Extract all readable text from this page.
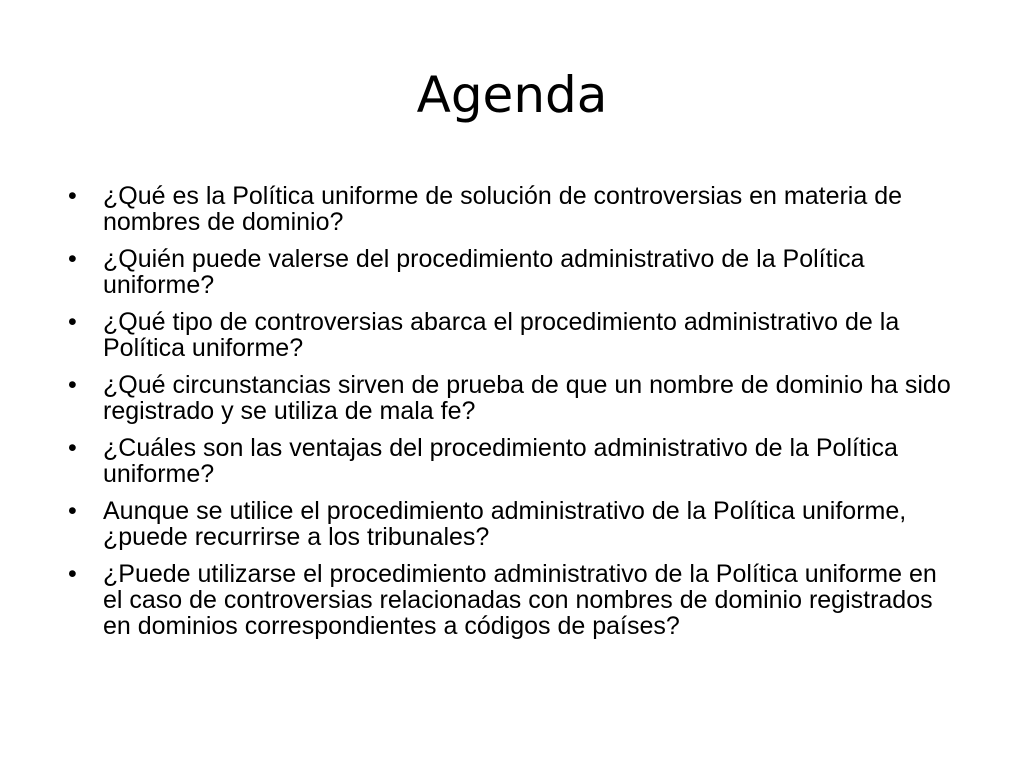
Agenda
•	¿Qué es la Política uniforme de solución de controversias en materia de nombres de dominio?
•	¿Quién puede valerse del procedimiento administrativo de la Política uniforme?
•	¿Qué tipo de controversias abarca el procedimiento administrativo de la Política uniforme?
•	¿Qué circunstancias sirven de prueba de que un nombre de dominio ha sido registrado y se utiliza de mala fe?
•	¿Cuáles son las ventajas del procedimiento administrativo de la Política uniforme?
•	Aunque se utilice el procedimiento administrativo de la Política uniforme, ¿puede recurrirse a los tribunales?
•	¿Puede utilizarse el procedimiento administrativo de la Política uniforme en el caso de controversias relacionadas con nombres de dominio registrados en dominios correspondientes a códigos de países?
